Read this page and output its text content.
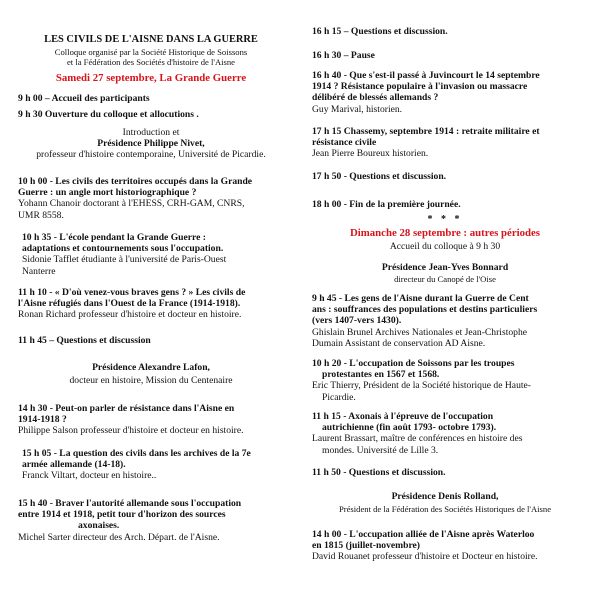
LES CIVILS DE L'AISNE DANS LA GUERRE
Colloque organisé par la Société Historique de Soissons
et la Fédération des Sociétés d'histoire de l'Aisne
Samedi 27 septembre, La Grande Guerre
9 h 00 – Accueil des participants
9 h 30 Ouverture du colloque et allocutions .
Introduction et
Présidence Philippe Nivet,
professeur d'histoire contemporaine, Université de Picardie.
10 h 00 - Les civils des territoires occupés dans la Grande
Guerre : un angle mort historiographique ?
Yohann Chanoir doctorant à l'EHESS, CRH-GAM, CNRS,
UMR 8558.
10 h 35 - L'école pendant la Grande Guerre :
adaptations et contournements sous l'occupation.
Sidonie Tafflet étudiante à l'université de Paris-Ouest
Nanterre
11 h 10 - « D'où venez-vous braves gens ? » Les civils de
l'Aisne réfugiés dans l'Ouest de la France (1914-1918).
Ronan Richard professeur d'histoire et docteur en histoire.
11 h 45 – Questions et discussion
Présidence Alexandre Lafon,
docteur en histoire, Mission du Centenaire
14 h 30 - Peut-on parler de résistance dans l'Aisne en
1914-1918 ?
Philippe Salson professeur d'histoire et docteur en histoire.
15 h 05 - La question des civils dans les archives de la 7e
armée allemande (14-18).
Franck Viltart, docteur en histoire..
15 h 40 - Braver l'autorité allemande sous l'occupation
entre 1914 et 1918, petit tour d'horizon des sources
axonaises.
Michel Sarter directeur des Arch. Départ. de l'Aisne.
16 h 15 – Questions et discussion.
16 h 30 – Pause
16 h 40 - Que s'est-il passé à Juvincourt le 14 septembre
1914 ? Résistance populaire à l'invasion ou massacre
délibéré de blessés allemands ?
Guy Marival, historien.
17 h 15 Chassemy, septembre 1914 : retraite militaire et
résistance civile
Jean Pierre Boureux historien.
17 h 50 - Questions et discussion.
18 h 00 - Fin de la première journée.
* * *
Dimanche 28 septembre : autres périodes
Accueil du colloque à 9 h 30
Présidence Jean-Yves Bonnard
directeur du Canopé de l'Oise
9 h 45 - Les gens de l'Aisne durant la Guerre de Cent
ans : souffrances des populations et destins particuliers
(vers 1407-vers 1430).
Ghislain Brunel Archives Nationales et Jean-Christophe
Dumain Assistant de conservation AD Aisne.
10 h 20 - L'occupation de Soissons par les troupes
protestantes en 1567 et 1568.
Eric Thierry, Président de la Société historique de Haute-
Picardie.
11 h 15 - Axonais à l'épreuve de l'occupation
autrichienne (fin août 1793- octobre 1793).
Laurent Brassart, maître de conférences en histoire des
mondes. Université de Lille 3.
11 h 50 - Questions et discussion.
Présidence Denis Rolland,
Président de la Fédération des Sociétés Historiques de l'Aisne
14 h 00 - L'occupation alliée de l'Aisne après Waterloo
en 1815 (juillet-novembre)
David Rouanet professeur d'histoire et Docteur en histoire.
